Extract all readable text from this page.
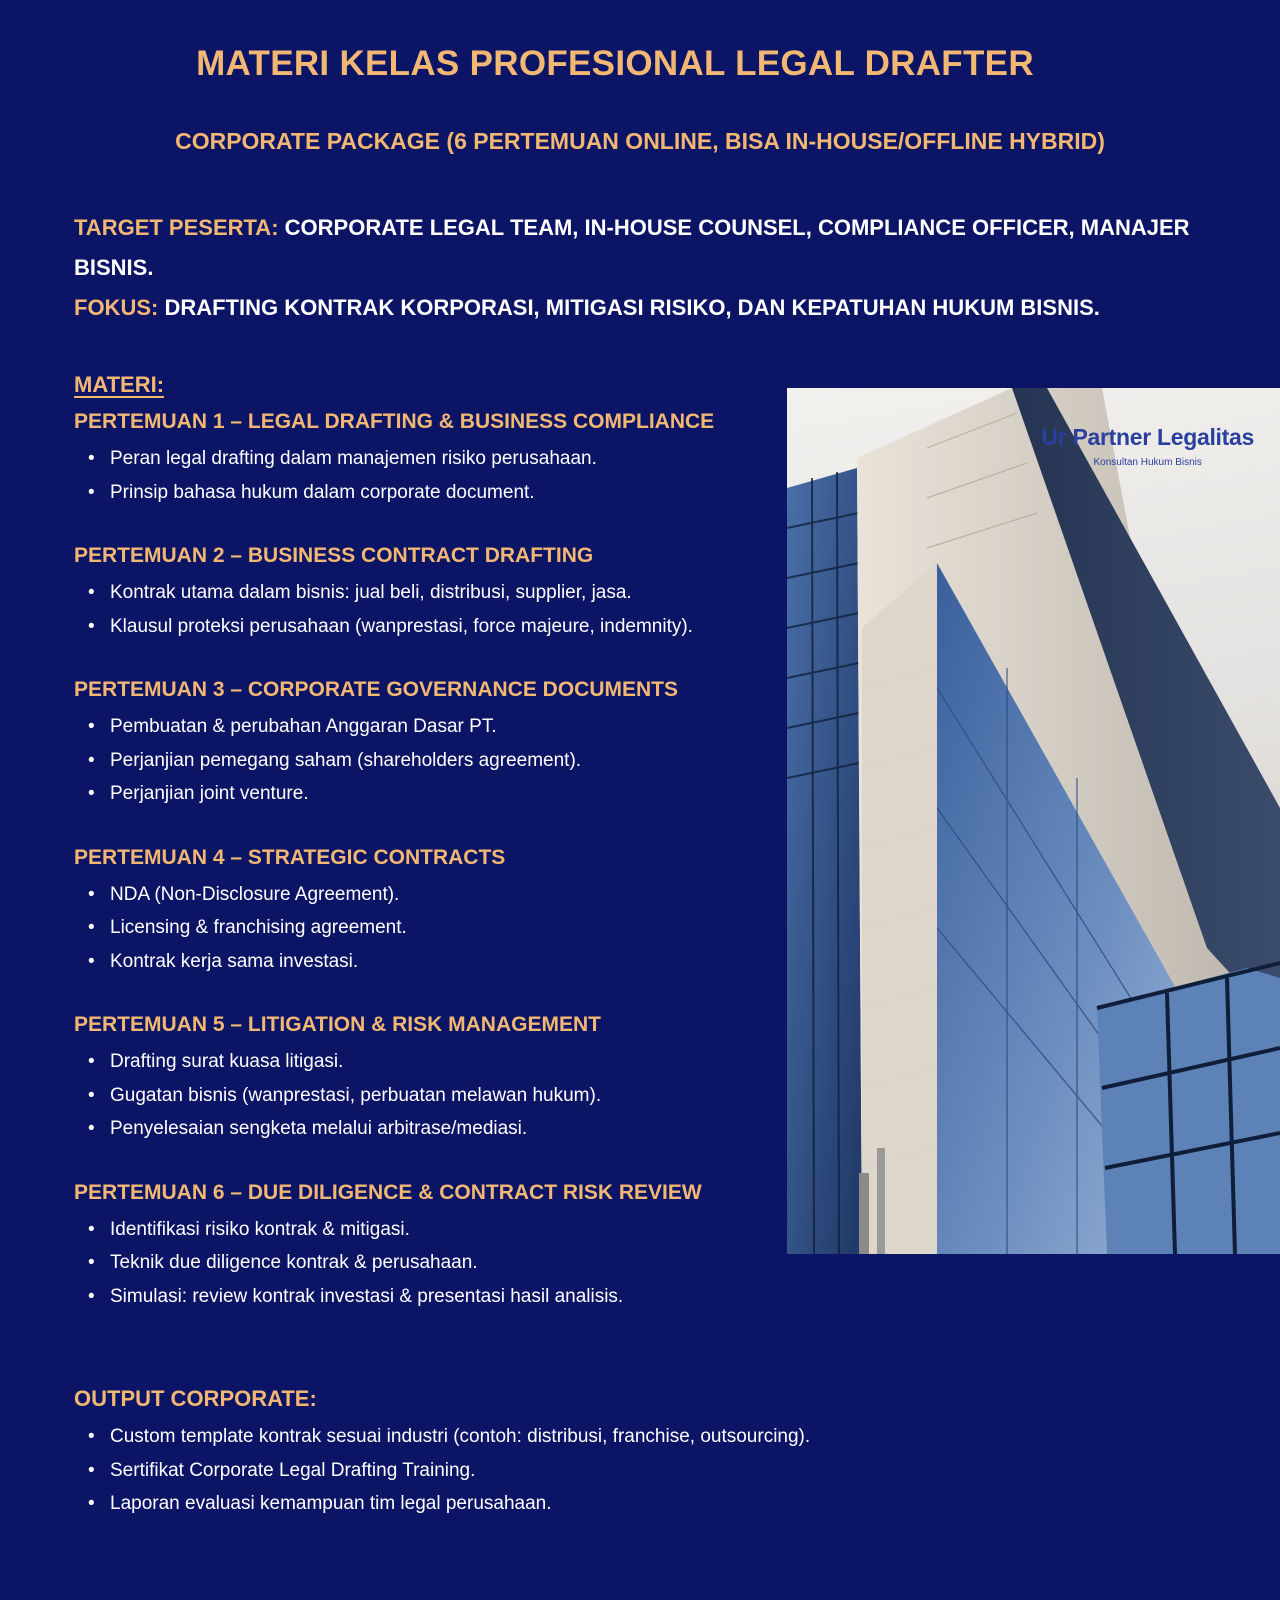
MATERI KELAS PROFESIONAL LEGAL DRAFTER
CORPORATE PACKAGE (6 PERTEMUAN ONLINE, BISA IN-HOUSE/OFFLINE HYBRID)
TARGET PESERTA: CORPORATE LEGAL TEAM, IN-HOUSE COUNSEL, COMPLIANCE OFFICER, MANAJER BISNIS.
FOKUS: DRAFTING KONTRAK KORPORASI, MITIGASI RISIKO, DAN KEPATUHAN HUKUM BISNIS.
MATERI:
PERTEMUAN 1 – LEGAL DRAFTING & BUSINESS COMPLIANCE
• Peran legal drafting dalam manajemen risiko perusahaan.
• Prinsip bahasa hukum dalam corporate document.
PERTEMUAN 2 – BUSINESS CONTRACT DRAFTING
• Kontrak utama dalam bisnis: jual beli, distribusi, supplier, jasa.
• Klausul proteksi perusahaan (wanprestasi, force majeure, indemnity).
PERTEMUAN 3 – CORPORATE GOVERNANCE DOCUMENTS
• Pembuatan & perubahan Anggaran Dasar PT.
• Perjanjian pemegang saham (shareholders agreement).
• Perjanjian joint venture.
PERTEMUAN 4 – STRATEGIC CONTRACTS
• NDA (Non-Disclosure Agreement).
• Licensing & franchising agreement.
• Kontrak kerja sama investasi.
PERTEMUAN 5 – LITIGATION & RISK MANAGEMENT
• Drafting surat kuasa litigasi.
• Gugatan bisnis (wanprestasi, perbuatan melawan hukum).
• Penyelesaian sengketa melalui arbitrase/mediasi.
PERTEMUAN 6 – DUE DILIGENCE & CONTRACT RISK REVIEW
• Identifikasi risiko kontrak & mitigasi.
• Teknik due diligence kontrak & perusahaan.
• Simulasi: review kontrak investasi & presentasi hasil analisis.
OUTPUT CORPORATE:
• Custom template kontrak sesuai industri (contoh: distribusi, franchise, outsourcing).
• Sertifikat Corporate Legal Drafting Training.
• Laporan evaluasi kemampuan tim legal perusahaan.
Ur Partner Legalitas
Konsultan Hukum Bisnis
